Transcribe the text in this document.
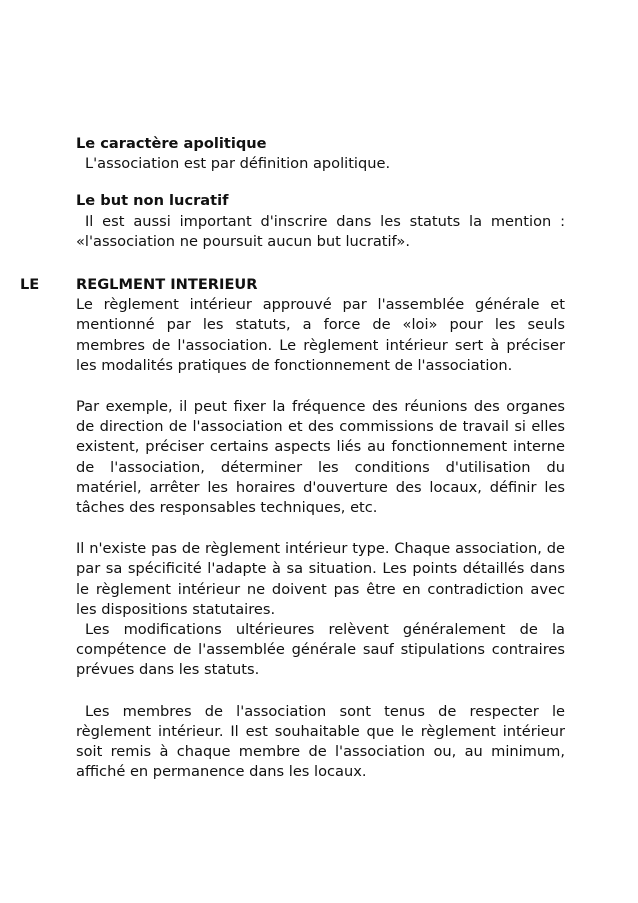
Le caractère apolitique

L'association est par définition apolitique.

Le but non lucratif

Il est aussi important d'inscrire dans les statuts la mention : «l'association ne poursuit aucun but lucratif».

LE	REGLMENT INTERIEUR

Le règlement intérieur approuvé par l'assemblée générale et mentionné par les statuts, a force de «loi» pour les seuls membres de l'association. Le règlement intérieur sert à préciser les modalités pratiques de fonctionnement de l'association.

Par exemple, il peut fixer la fréquence des réunions des organes de direction de l'association et des commissions de travail si elles existent, préciser certains aspects liés au fonctionnement interne de l'association, déterminer les conditions d'utilisation du matériel, arrêter les horaires d'ouverture des locaux, définir les tâches des responsables techniques, etc.

Il n'existe pas de règlement intérieur type. Chaque association, de par sa spécificité l'adapte à sa situation. Les points détaillés dans le règlement intérieur ne doivent pas être en contradiction avec les dispositions statutaires.

Les modifications ultérieures relèvent généralement de la compétence de l'assemblée générale sauf stipulations contraires prévues dans les statuts.

Les membres de l'association sont tenus de respecter le règlement intérieur. Il est souhaitable que le règlement intérieur soit remis à chaque membre de l'association ou, au minimum, affiché en permanence dans les locaux.
